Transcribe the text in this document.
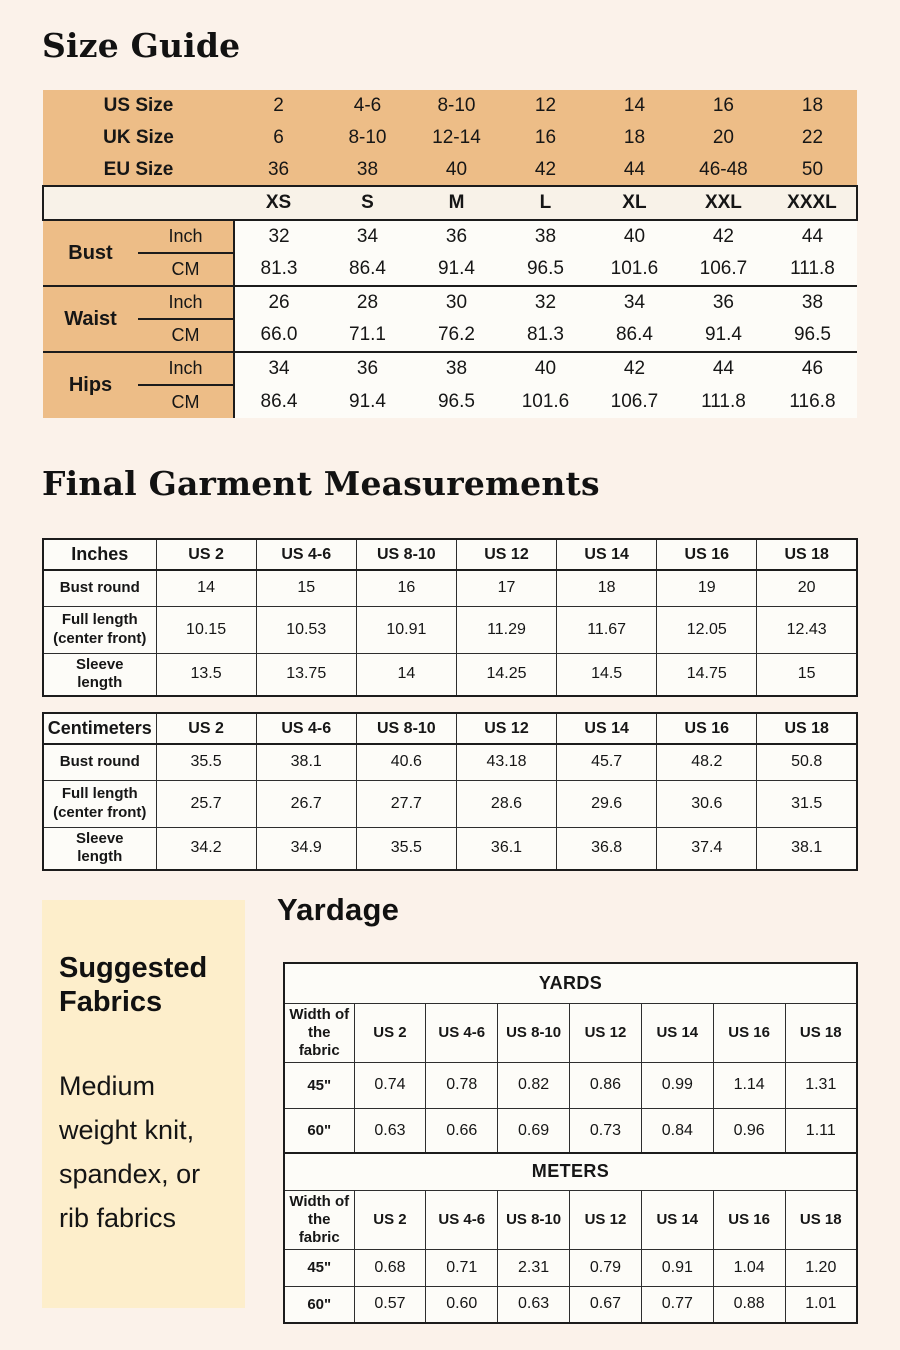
Size Guide
US Size		2	4-6	8-10	12	14	16	18
UK Size		6	8-10	12-14	16	18	20	22
EU Size		36	38	40	42	44	46-48	50
		XS	S	M	L	XL	XXL	XXXL
Bust	Inch	32	34	36	38	40	42	44
	CM	81.3	86.4	91.4	96.5	101.6	106.7	111.8
Waist	Inch	26	28	30	32	34	36	38
	CM	66.0	71.1	76.2	81.3	86.4	91.4	96.5
Hips	Inch	34	36	38	40	42	44	46
	CM	86.4	91.4	96.5	101.6	106.7	111.8	116.8
Final Garment Measurements
Inches	US 2	US 4-6	US 8-10	US 12	US 14	US 16	US 18
Bust round	14	15	16	17	18	19	20
Full length (center front)	10.15	10.53	10.91	11.29	11.67	12.05	12.43
Sleeve length	13.5	13.75	14	14.25	14.5	14.75	15
Centimeters	US 2	US 4-6	US 8-10	US 12	US 14	US 16	US 18
Bust round	35.5	38.1	40.6	43.18	45.7	48.2	50.8
Full length (center front)	25.7	26.7	27.7	28.6	29.6	30.6	31.5
Sleeve length	34.2	34.9	35.5	36.1	36.8	37.4	38.1
Suggested Fabrics

Medium weight knit, spandex, or rib fabrics

Yardage
YARDS							
Width of the fabric	US 2	US 4-6	US 8-10	US 12	US 14	US 16	US 18
45"	0.74	0.78	0.82	0.86	0.99	1.14	1.31
60"	0.63	0.66	0.69	0.73	0.84	0.96	1.11
METERS							
Width of the fabric	US 2	US 4-6	US 8-10	US 12	US 14	US 16	US 18
45"	0.68	0.71	2.31	0.79	0.91	1.04	1.20
60"	0.57	0.60	0.63	0.67	0.77	0.88	1.01
